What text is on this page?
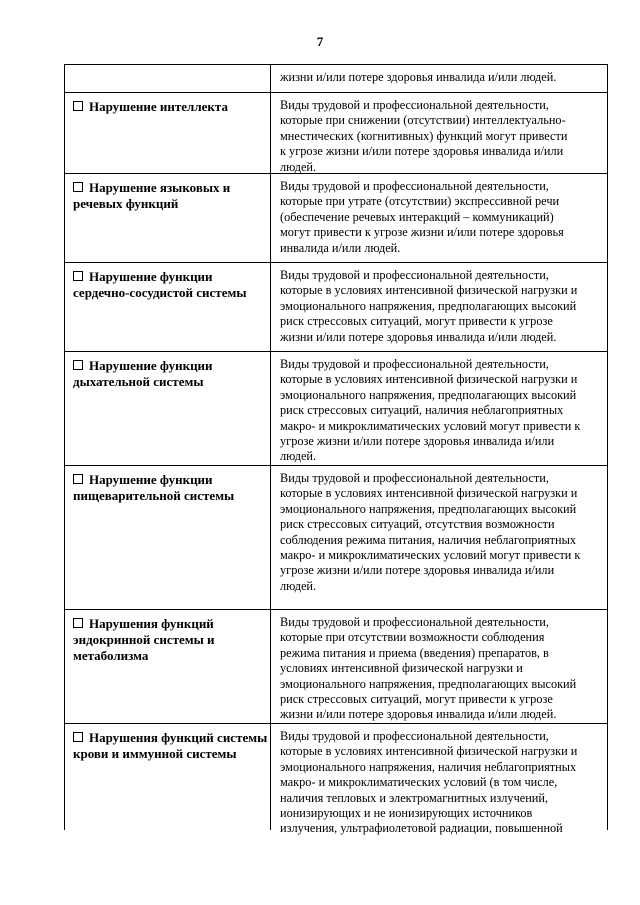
7
жизни и/или потере здоровья инвалида и/или людей.
Нарушение интеллекта	Виды трудовой и профессиональной деятельности,
которые при снижении (отсутствии) интеллектуально-
мнестических (когнитивных) функций могут привести
к угрозе жизни и/или потере здоровья инвалида и/или
людей.
Нарушение языковых и
речевых функций
Виды трудовой и профессиональной деятельности,
которые при утрате (отсутствии) экспрессивной речи
(обеспечение речевых интеракций – коммуникаций)
могут привести к угрозе жизни и/или потере здоровья
инвалида и/или людей.
Нарушение функции
сердечно-сосудистой системы
Виды трудовой и профессиональной деятельности,
которые в условиях интенсивной физической нагрузки и
эмоционального напряжения, предполагающих высокий
риск стрессовых ситуаций, могут привести к угрозе
жизни и/или потере здоровья инвалида и/или людей.
Нарушение функции
дыхательной системы
Виды трудовой и профессиональной деятельности,
которые в условиях интенсивной физической нагрузки и
эмоционального напряжения, предполагающих высокий
риск стрессовых ситуаций, наличия неблагоприятных
макро- и микроклиматических условий могут привести к
угрозе жизни и/или потере здоровья инвалида и/или
людей.
Нарушение функции
пищеварительной системы
Виды трудовой и профессиональной деятельности,
которые в условиях интенсивной физической нагрузки и
эмоционального напряжения, предполагающих высокий
риск стрессовых ситуаций, отсутствия возможности
соблюдения режима питания, наличия неблагоприятных
макро- и микроклиматических условий могут привести к
угрозе жизни и/или потере здоровья инвалида и/или
людей.
Нарушения функций
эндокринной системы и
метаболизма
Виды трудовой и профессиональной деятельности,
которые при отсутствии возможности соблюдения
режима питания и приема (введения) препаратов, в
условиях интенсивной физической нагрузки и
эмоционального напряжения, предполагающих высокий
риск стрессовых ситуаций, могут привести к угрозе
жизни и/или потере здоровья инвалида и/или людей.
Нарушения функций системы
крови и иммунной системы
Виды трудовой и профессиональной деятельности,
которые в условиях интенсивной физической нагрузки и
эмоционального напряжения, наличия неблагоприятных
макро- и микроклиматических условий (в том числе,
наличия тепловых и электромагнитных излучений,
ионизирующих и не ионизирующих источников
излучения, ультрафиолетовой радиации, повышенной
